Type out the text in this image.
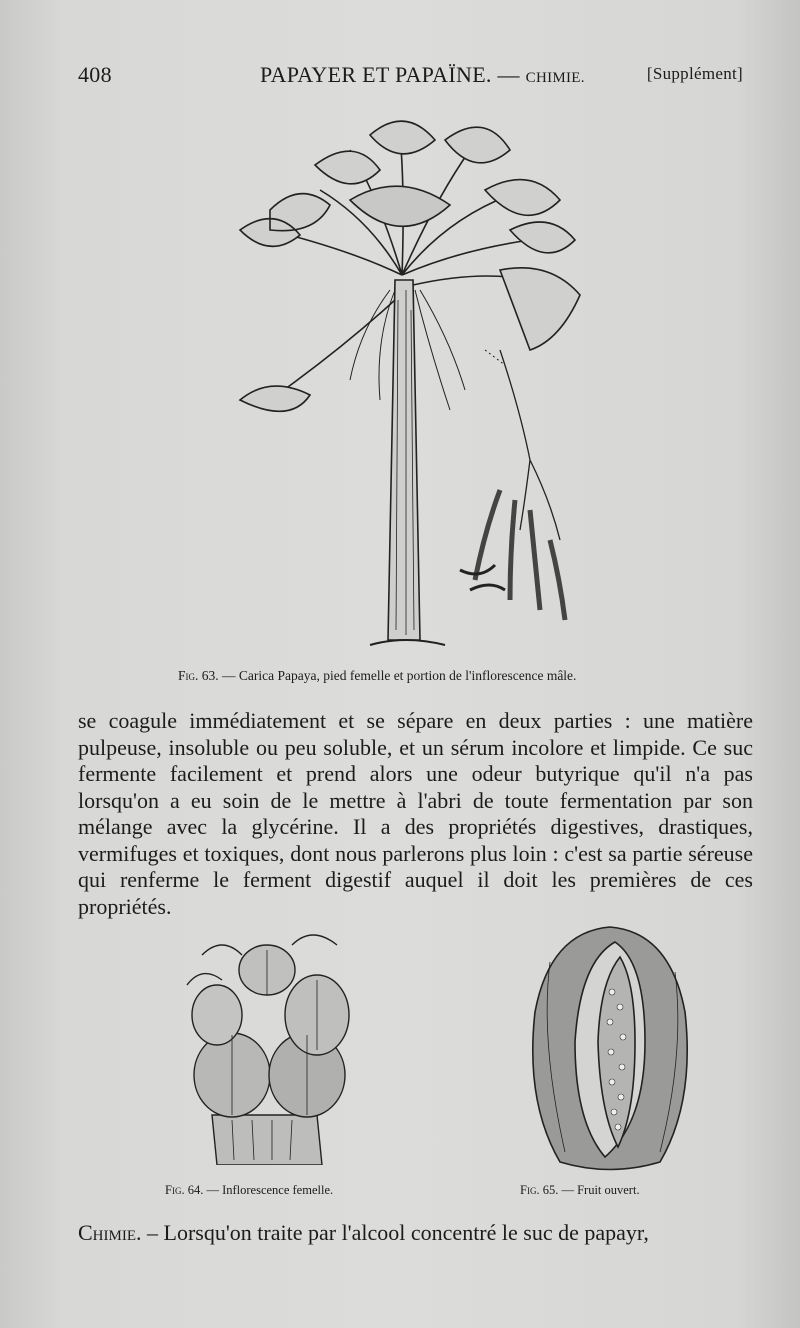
408	PAPAYER ET PAPAÏNE. — CHIMIE.	[Supplément]
Fig. 63. — Carica Papaya, pied femelle et portion de l'inflorescence mâle.

se coagule immédiatement et se sépare en deux parties : une matière pulpeuse, insoluble ou peu soluble, et un sérum incolore et limpide. Ce suc fermente facilement et prend alors une odeur butyrique qu'il n'a pas lorsqu'on a eu soin de le mettre à l'abri de toute fermentation par son mélange avec la glycérine. Il a des propriétés digestives, drastiques, vermifuges et toxiques, dont nous parlerons plus loin : c'est sa partie séreuse qui renferme le ferment digestif auquel il doit les premières de ces propriétés.

Fig. 64. — Inflorescence femelle.	Fig. 65. — Fruit ouvert.
Chimie. – Lorsqu'on traite par l'alcool concentré le suc de papayr,
